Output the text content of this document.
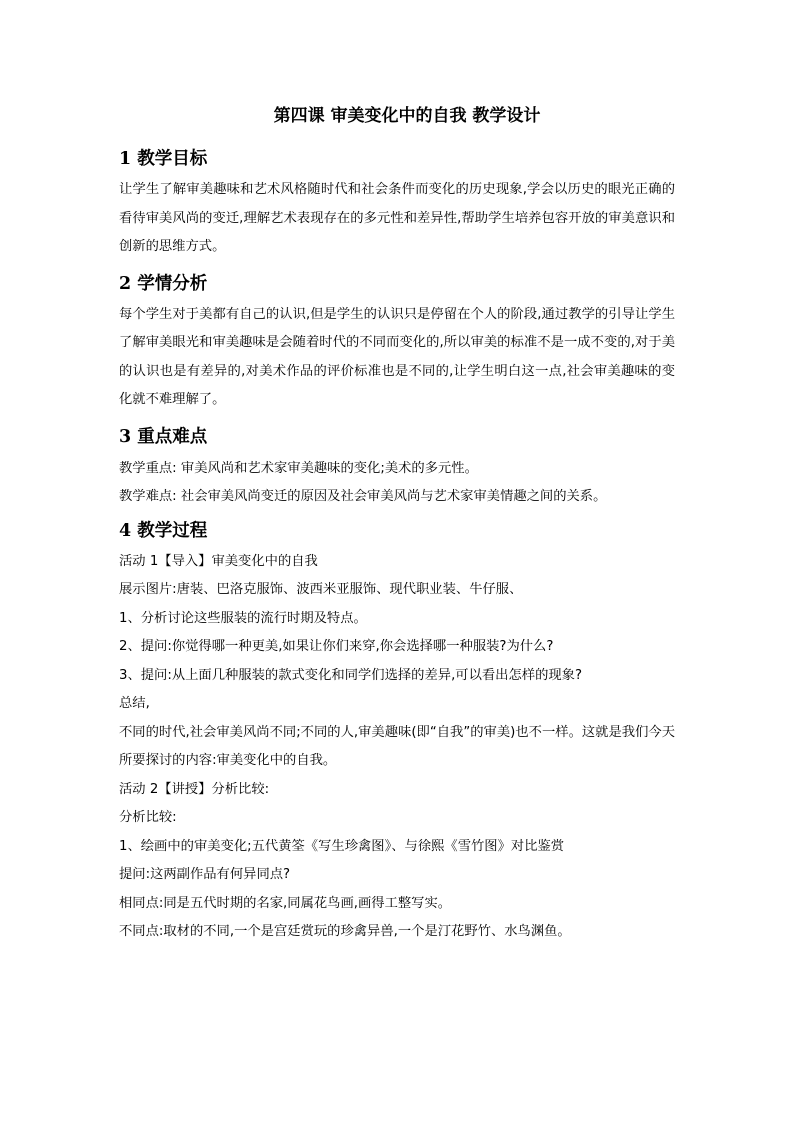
第四课 审美变化中的自我 教学设计
1 教学目标

让学生了解审美趣味和艺术风格随时代和社会条件而变化的历史现象,学会以历史的眼光正确的看待审美风尚的变迁,理解艺术表现存在的多元性和差异性,帮助学生培养包容开放的审美意识和创新的思维方式。

2 学情分析

每个学生对于美都有自己的认识,但是学生的认识只是停留在个人的阶段,通过教学的引导让学生了解审美眼光和审美趣味是会随着时代的不同而变化的,所以审美的标准不是一成不变的,对于美的认识也是有差异的,对美术作品的评价标准也是不同的,让学生明白这一点,社会审美趣味的变化就不难理解了。

3 重点难点

教学重点: 审美风尚和艺术家审美趣味的变化;美术的多元性。

教学难点: 社会审美风尚变迁的原因及社会审美风尚与艺术家审美情趣之间的关系。

4 教学过程

活动 1【导入】审美变化中的自我

展示图片:唐装、巴洛克服饰、波西米亚服饰、现代职业装、牛仔服、

1、分析讨论这些服装的流行时期及特点。

2、提问:你觉得哪一种更美,如果让你们来穿,你会选择哪一种服装?为什么?

3、提问:从上面几种服装的款式变化和同学们选择的差异,可以看出怎样的现象?

总结,

不同的时代,社会审美风尚不同;不同的人,审美趣味(即“自我”的审美)也不一样。这就是我们今天所要探讨的内容:审美变化中的自我。

活动 2【讲授】分析比较:

分析比较:

1、绘画中的审美变化;五代黄筌《写生珍禽图》、与徐熙《雪竹图》对比鉴赏

提问:这两副作品有何异同点?

相同点:同是五代时期的名家,同属花鸟画,画得工整写实。

不同点:取材的不同,一个是宫廷赏玩的珍禽异兽,一个是汀花野竹、水鸟渊鱼。
